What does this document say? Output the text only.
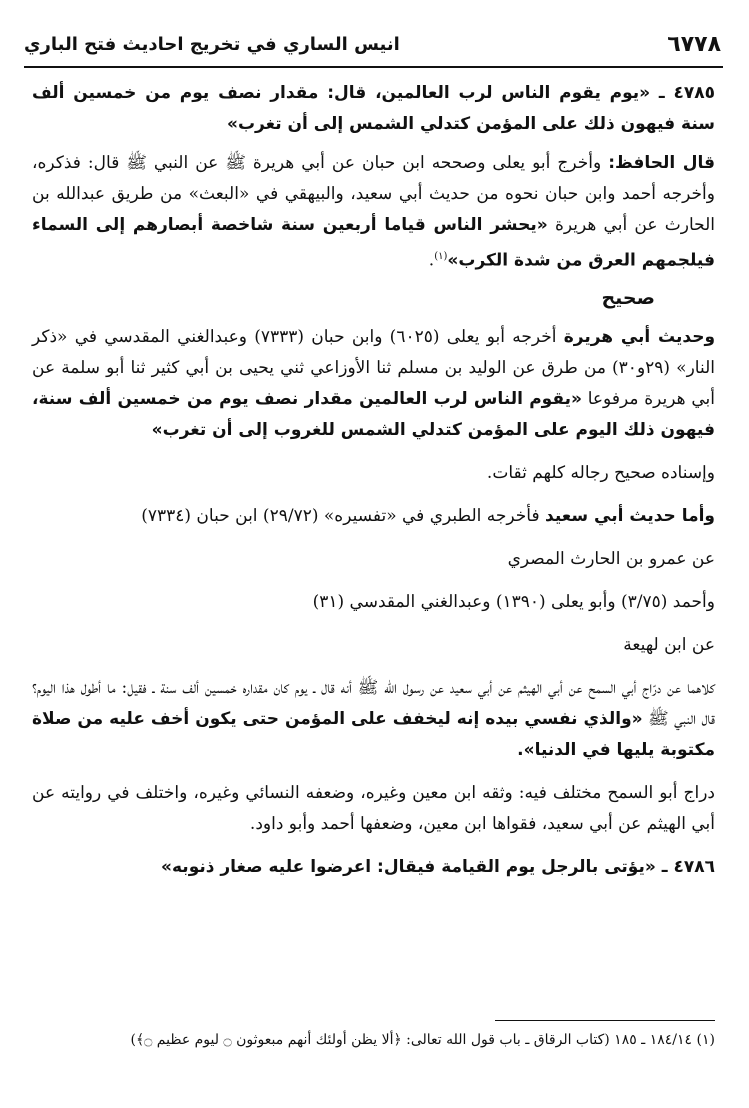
٦٧٧٨
انيس الساري في تخريج احاديث فتح الباري

٤٧٨٥ ـ «يوم يقوم الناس لرب العالمين، قال: مقدار نصف يوم من خمسين ألف سنة فيهون ذلك على المؤمن كتدلي الشمس إلى أن تغرب»

قال الحافظ: وأخرج أبو يعلى وصححه ابن حبان عن أبي هريرة ﷺ عن النبي ﷺ قال: فذكره، وأخرجه أحمد وابن حبان نحوه من حديث أبي سعيد، والبيهقي في «البعث» من طريق عبدالله بن الحارث عن أبي هريرة «يحشر الناس قياما أربعين سنة شاخصة أبصارهم إلى السماء فيلجمهم العرق من شدة الكرب»$^{(١)}$.

صحيح

وحديث أبي هريرة أخرجه أبو يعلى (٦٠٢٥) وابن حبان (٧٣٣٣) وعبدالغني المقدسي في «ذكر النار» (٢٩و٣٠) من طرق عن الوليد بن مسلم ثنا الأوزاعي ثني يحيى بن أبي كثير ثنا أبو سلمة عن أبي هريرة مرفوعا «يقوم الناس لرب العالمين مقدار نصف يوم من خمسين ألف سنة، فيهون ذلك اليوم على المؤمن كتدلي الشمس للغروب إلى أن تغرب»

وإسناده صحيح رجاله كلهم ثقات.

وأما حديث أبي سعيد فأخرجه الطبري في «تفسيره» (٢٩/٧٢) ابن حبان (٧٣٣٤)

عن عمرو بن الحارث المصري

وأحمد (٣/٧٥) وأبو يعلى (١٣٩٠) وعبدالغني المقدسي (٣١)

عن ابن لهيعة

كلاهما عن درّاج أبي السمح عن أبي الهيثم عن أبي سعيد عن رسول الله ﷺ أنه قال ـ يوم كان مقداره خمسين ألف سنة ـ فقيل: ما أطول هذا اليوم؟ قال النبي ﷺ «والذي نفسي بيده إنه ليخفف على المؤمن حتى يكون أخف عليه من صلاة مكتوبة يليها في الدنيا».

دراج أبو السمح مختلف فيه: وثقه ابن معين وغيره، وضعفه النسائي وغيره، واختلف في روايته عن أبي الهيثم عن أبي سعيد، فقواها ابن معين، وضعفها أحمد وأبو داود.

٤٧٨٦ ـ «يؤتى بالرجل يوم القيامة فيقال: اعرضوا عليه صغار ذنوبه»

(١) ١٨٤/١٤ ـ ١٨٥ (كتاب الرقاق ـ باب قول الله تعالى: ﴿ألا يظن أولئك أنهم مبعوثون ۝ ليوم عظيم ۝﴾)
